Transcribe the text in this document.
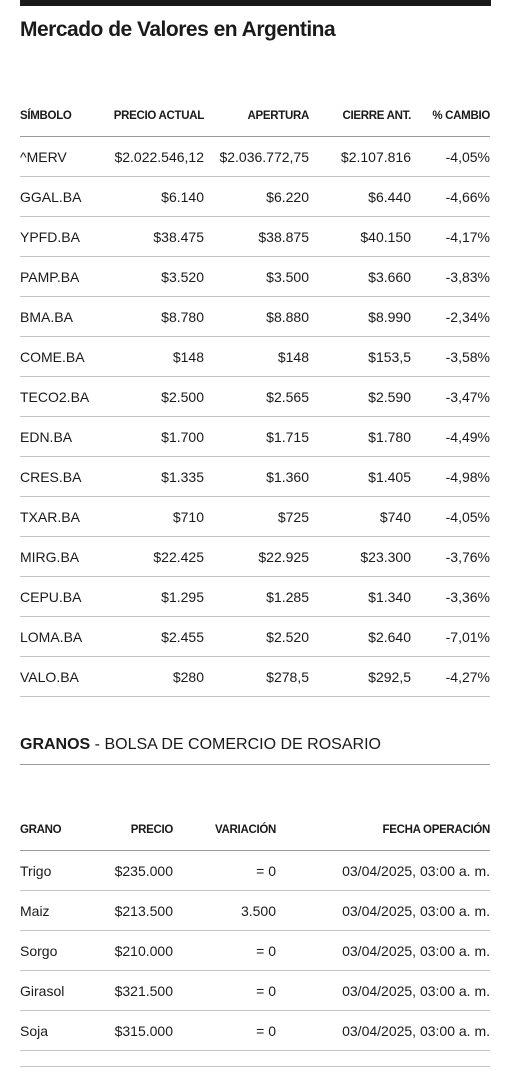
Mercado de Valores en Argentina
SÍMBOLO	PRECIO ACTUAL	APERTURA	CIERRE ANT.	% CAMBIO
^MERV	$2.022.546,12	$2.036.772,75	$2.107.816	-4,05%
GGAL.BA	$6.140	$6.220	$6.440	-4,66%
YPFD.BA	$38.475	$38.875	$40.150	-4,17%
PAMP.BA	$3.520	$3.500	$3.660	-3,83%
BMA.BA	$8.780	$8.880	$8.990	-2,34%
COME.BA	$148	$148	$153,5	-3,58%
TECO2.BA	$2.500	$2.565	$2.590	-3,47%
EDN.BA	$1.700	$1.715	$1.780	-4,49%
CRES.BA	$1.335	$1.360	$1.405	-4,98%
TXAR.BA	$710	$725	$740	-4,05%
MIRG.BA	$22.425	$22.925	$23.300	-3,76%
CEPU.BA	$1.295	$1.285	$1.340	-3,36%
LOMA.BA	$2.455	$2.520	$2.640	-7,01%
VALO.BA	$280	$278,5	$292,5	-4,27%
GRANOS - BOLSA DE COMERCIO DE ROSARIO
GRANO	PRECIO	VARIACIÓN	FECHA OPERACIÓN
Trigo	$235.000	= 0	03/04/2025, 03:00 a. m.
Maiz	$213.500	3.500	03/04/2025, 03:00 a. m.
Sorgo	$210.000	= 0	03/04/2025, 03:00 a. m.
Girasol	$321.500	= 0	03/04/2025, 03:00 a. m.
Soja	$315.000	= 0	03/04/2025, 03:00 a. m.
